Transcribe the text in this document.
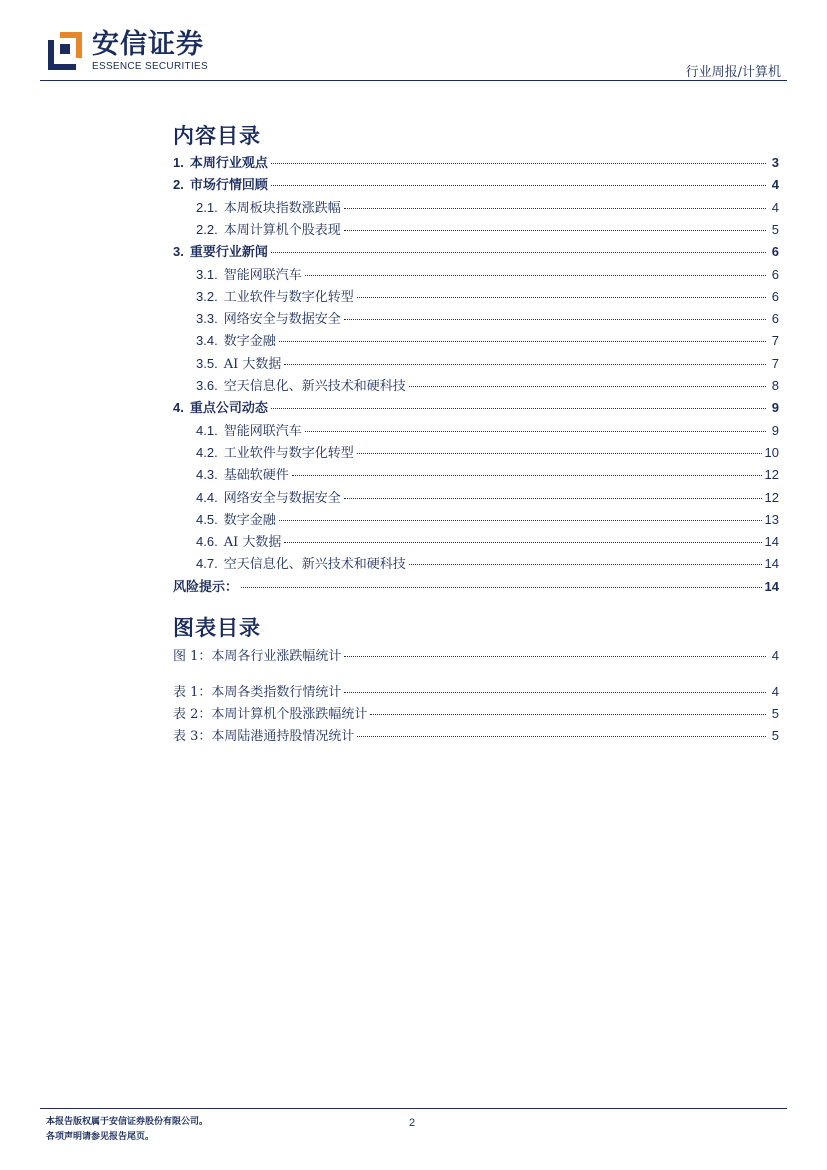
安信证券
ESSENCE SECURITIES	行业周报/计算机
内容目录
1. 本周行业观点	3
2. 市场行情回顾	4
2.1. 本周板块指数涨跌幅	4
2.2. 本周计算机个股表现	5
3. 重要行业新闻	6
3.1. 智能网联汽车	6
3.2. 工业软件与数字化转型	6
3.3. 网络安全与数据安全	6
3.4. 数字金融	7
3.5. AI 大数据	7
3.6. 空天信息化、新兴技术和硬科技	8
4. 重点公司动态	9
4.1. 智能网联汽车	9
4.2. 工业软件与数字化转型	10
4.3. 基础软硬件	12
4.4. 网络安全与数据安全	12
4.5. 数字金融	13
4.6. AI 大数据	14
4.7. 空天信息化、新兴技术和硬科技	14
风险提示：	14
图表目录
图 1：本周各行业涨跌幅统计	4
表 1：本周各类指数行情统计	4
表 2：本周计算机个股涨跌幅统计	5
表 3：本周陆港通持股情况统计	5
本报告版权属于安信证券股份有限公司。
各项声明请参见报告尾页。
2
